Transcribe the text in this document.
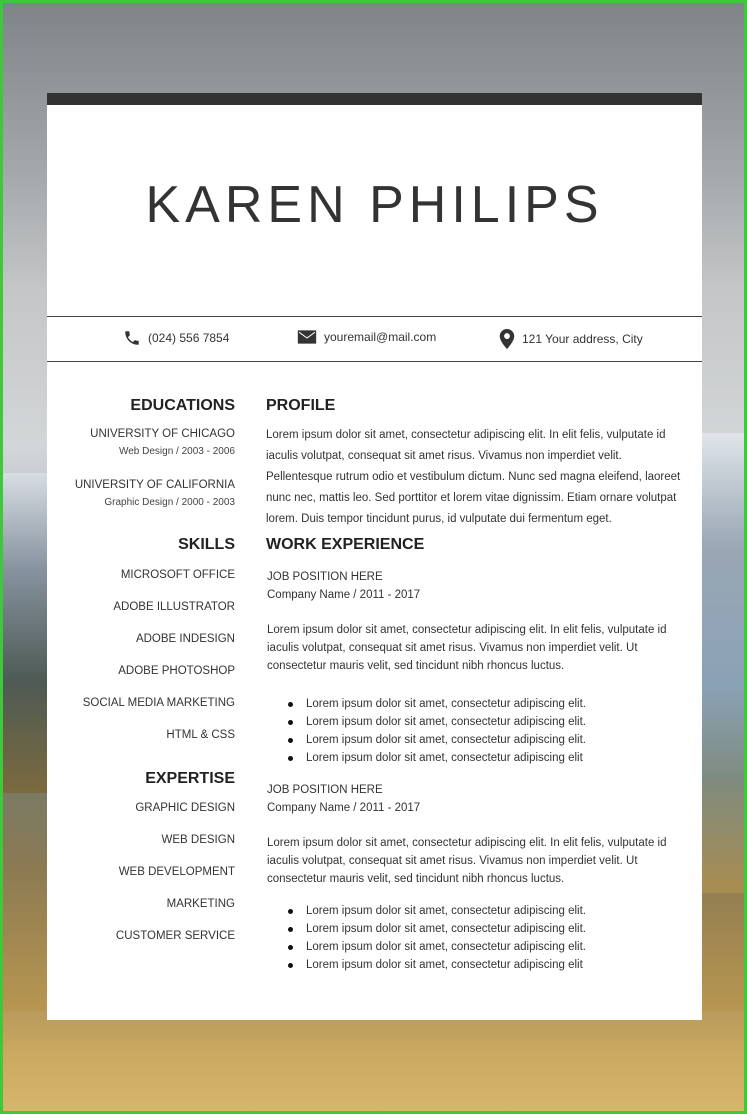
KAREN PHILIPS
(024) 556 7854	youremail@mail.com	121 Your address, City
EDUCATIONS
UNIVERSITY OF CHICAGO
Web Design / 2003 - 2006
UNIVERSITY OF CALIFORNIA
Graphic Design / 2000 - 2003
SKILLS
MICROSOFT OFFICE
ADOBE ILLUSTRATOR
ADOBE INDESIGN
ADOBE PHOTOSHOP
SOCIAL MEDIA MARKETING
HTML & CSS
EXPERTISE
GRAPHIC DESIGN
WEB DESIGN
WEB DEVELOPMENT
MARKETING
CUSTOMER SERVICE
PROFILE
Lorem ipsum dolor sit amet, consectetur adipiscing elit. In elit felis, vulputate id
iaculis volutpat, consequat sit amet risus. Vivamus non imperdiet velit.
Pellentesque rutrum odio et vestibulum dictum. Nunc sed magna eleifend, laoreet
nunc nec, mattis leo. Sed porttitor et lorem vitae dignissim. Etiam ornare volutpat
lorem. Duis tempor tincidunt purus, id vulputate dui fermentum eget.
WORK EXPERIENCE
JOB POSITION HERE
Company Name / 2011 - 2017
Lorem ipsum dolor sit amet, consectetur adipiscing elit. In elit felis, vulputate id
iaculis volutpat, consequat sit amet risus. Vivamus non imperdiet velit. Ut
consectetur mauris velit, sed tincidunt nibh rhoncus luctus.
Lorem ipsum dolor sit amet, consectetur adipiscing elit.
Lorem ipsum dolor sit amet, consectetur adipiscing elit.
Lorem ipsum dolor sit amet, consectetur adipiscing elit.
Lorem ipsum dolor sit amet, consectetur adipiscing elit
JOB POSITION HERE
Company Name / 2011 - 2017
Lorem ipsum dolor sit amet, consectetur adipiscing elit. In elit felis, vulputate id
iaculis volutpat, consequat sit amet risus. Vivamus non imperdiet velit. Ut
consectetur mauris velit, sed tincidunt nibh rhoncus luctus.
Lorem ipsum dolor sit amet, consectetur adipiscing elit.
Lorem ipsum dolor sit amet, consectetur adipiscing elit.
Lorem ipsum dolor sit amet, consectetur adipiscing elit.
Lorem ipsum dolor sit amet, consectetur adipiscing elit
